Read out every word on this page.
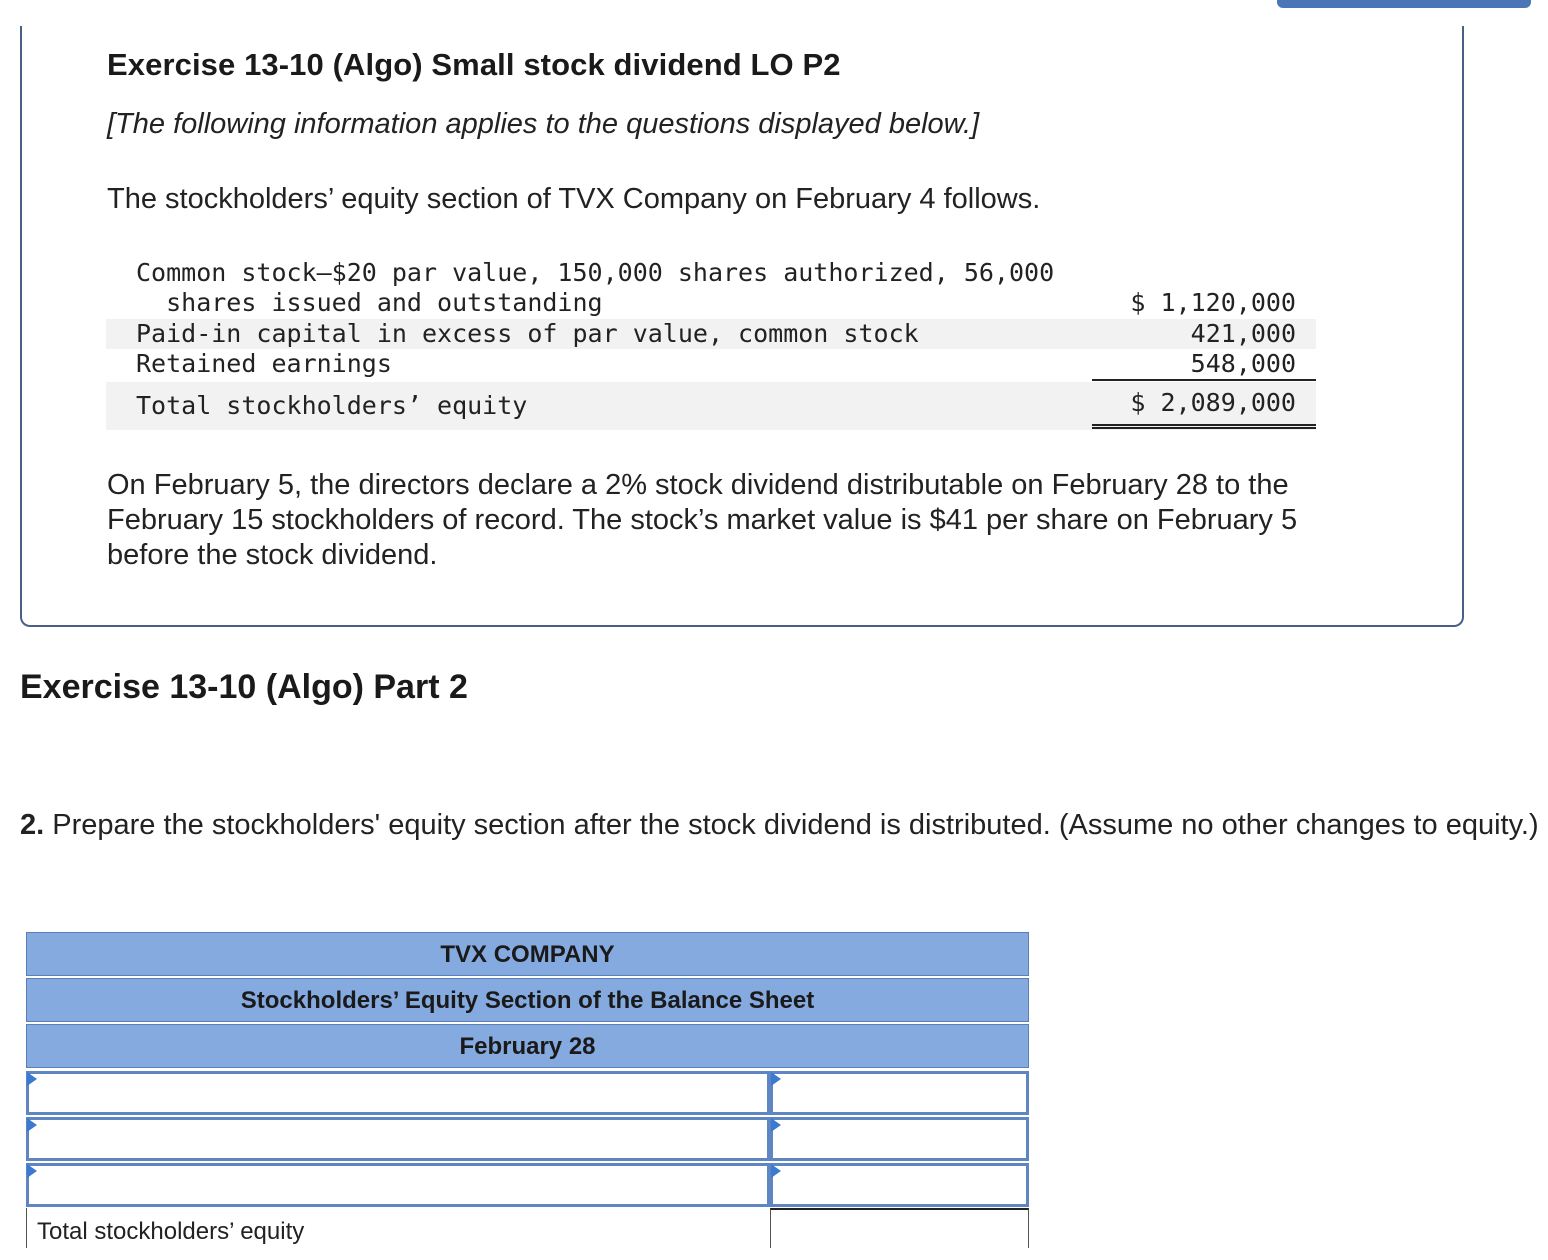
Exercise 13-10 (Algo) Small stock dividend LO P2
[The following information applies to the questions displayed below.]
The stockholders’ equity section of TVX Company on February 4 follows.
Common stock—$20 par value, 150,000 shares authorized, 56,000
shares issued and outstanding	$ 1,120,000
Paid-in capital in excess of par value, common stock	421,000
Retained earnings	548,000
Total stockholders’ equity	$ 2,089,000
On February 5, the directors declare a 2% stock dividend distributable on February 28 to the February 15 stockholders of record. The stock’s market value is $41 per share on February 5 before the stock dividend.
Exercise 13-10 (Algo) Part 2
2. Prepare the stockholders' equity section after the stock dividend is distributed. (Assume no other changes to equity.)
TVX COMPANY
Stockholders’ Equity Section of the Balance Sheet
February 28
Total stockholders’ equity
